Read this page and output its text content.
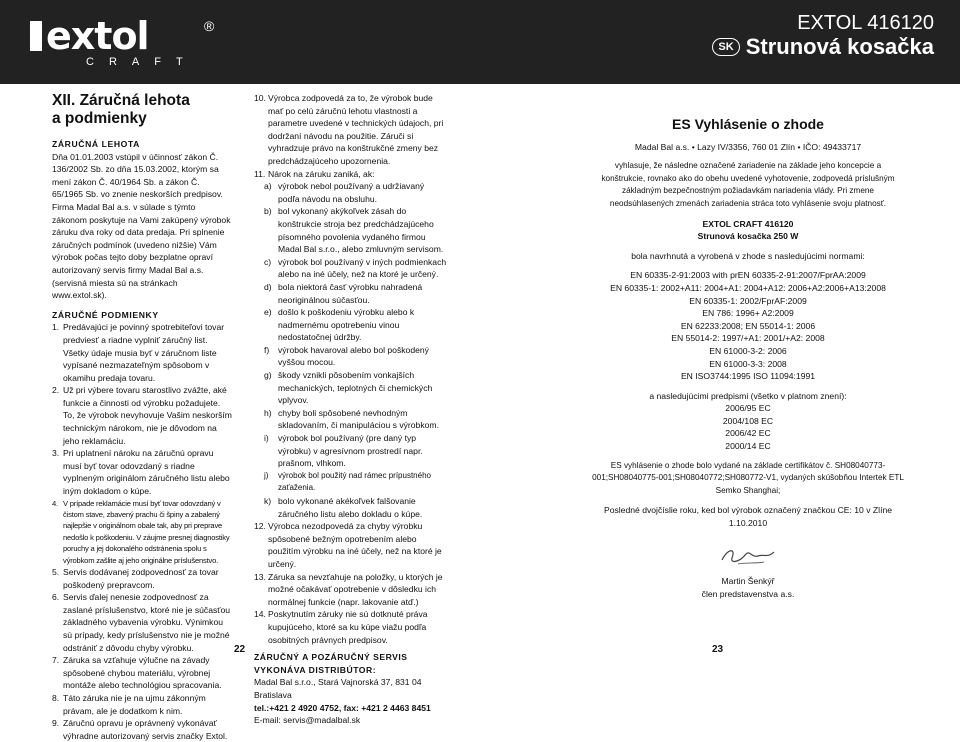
extol	®
CRAFT
EXTOL 416120
SK Strunová kosačka
XII. Záručná lehota
a podmienky

ZÁRUČNÁ LEHOTA

Dňa 01.01.2003 vstúpil v účinnosť zákon Č. 136/2002 Sb. zo dňa 15.03.2002, ktorým sa mení zákon Č. 40/1964 Sb. a zákon Č. 65/1965 Sb. vo znenie neskorších predpisov. Firma Madal Bal a.s. v súlade s týmto zákonom poskytuje na Vami zakúpený výrobok záruku dva roky od data predaja. Pri splnenie záručných podmínok (uvedeno nižšie) Vám výrobok počas tejto doby bezplatne opraví autorizovaný servis firmy Madal Bal a.s.(servisná miesta sú na stránkach www.extol.sk).

ZÁRUČNÉ PODMIENKY

1. Predávajúci je povinný spotrebiteľovi tovar predviesť a riadne vyplniť záručný list. Všetky údaje musia byť v záručnom liste vypísané nezmazateľným spôsobom v okamihu predaja tovaru.
2. Už pri výbere tovaru starostlivo zvážte, aké funkcie a činnosti od výrobku požadujete. To, že výrobok nevyhovuje Vašim neskorším technickým nárokom, nie je dôvodom na jeho reklamáciu.
3. Pri uplatnení nároku na záručnú opravu musí byť tovar odovzdaný s riadne vyplneným originálom záručného listu alebo iným dokladom o kúpe.
4. V prípade reklamácie musí byť tovar odovzdaný v čistom stave, zbavený prachu či špiny a zabalený najlepšie v originálnom obale tak, aby pri preprave nedošlo k poškodeniu. V záujme presnej diagnostiky poruchy a jej dokonalého odstránenia spolu s výrobkom zašlite aj jeho originálne príslušenstvo.
5. Servis dodávanej zodpovednosť za tovar poškodený prepravcom.
6. Servis ďalej nenesie zodpovednosť za zaslané príslušenstvo, ktoré nie je súčasťou základného vybavenia výrobku. Výnimkou sú prípady, kedy príslušenstvo nie je možné odstrániť z dôvodu chyby výrobku.
7. Záruka sa vzťahuje výlučne na závady spôsobené chybou materiálu, výrobnej montáže alebo technológiou spracovania.
8. Táto záruka nie je na ujmu zákonným právam, ale je dodatkom k nim.
9. Záručnú opravu je oprávnený vykonávať výhradne autorizovaný servis značky Extol.
22
10. Výrobca zodpovedá za to, že výrobok bude mať po celú záručnú lehotu vlastnosti a parametre uvedené v technických údajoch, pri dodržaní návodu na použitie. Záruči si vyhradzuje právo na konštrukčné zmeny bez predchádzajúceho upozornenia.
11. Nárok na záruku zaniká, ak:
a) výrobok nebol používaný a udržiavaný podľa návodu na obsluhu.
b) bol vykonaný akýkoľvek zásah do konštrukcie stroja bez predchádzajúceho písomného povolenia vydaného firmou Madal Bal s.r.o., alebo zmluvným servisom.
c) výrobok bol používaný v iných podmienkach alebo na iné účely, než na ktoré je určený.
d) bola niektorá časť výrobku nahradená neoriginálnou súčasťou.
e) došlo k poškodeniu výrobku alebo k nadmernému opotrebeniu vinou nedostatočnej údržby.
f)	výrobok havaroval alebo bol poškodený vyššou mocou.
g) škody vznikli pôsobením vonkajších mechanických, teplotných či chemických vplyvov.
h) chyby boli spôsobené nevhodným skladovaním, či manipuláciou s výrobkom.
i)	výrobok bol používaný (pre daný typ výrobku) v agresívnom prostredí napr. prašnom, vlhkom.
j)	výrobok bol použitý nad rámec prípustného zaťaženia.
k) bolo vykonané akékoľvek falšovanie záručného listu alebo dokladu o kúpe.
12. Výrobca nezodpovedá za chyby výrobku spôsobené bežným opotrebením alebo použitím výrobku na iné účely, než na ktoré je určený.
13. Záruka sa nevzťahuje na položky, u ktorých je možné očakávať opotrebenie v dôsledku ich normálnej funkcie (napr. lakovanie atď.)
14. Poskytnutím záruky nie sú dotknuté práva kupujúceho, ktoré sa ku kúpe viažu podľa osobitných právnych predpisov.

ZÁRUČNÝ A POZÁRUČNÝ SERVIS

VYKONÁVA DISTRIBÚTOR:

Madal Bal s.r.o., Stará Vajnorská 37, 831 04 Bratislava

tel.:+421 2 4920 4752, fax: +421 2 4463 8451

E-mail: servis@madalbal.sk

ES Vyhlásenie o zhode

Madal Bal a.s. • Lazy IV/3356, 760 01 Zlín • IČO: 49433717

vyhlasuje, že následne označené zariadenie na základe jeho koncepcie a konštrukcie, rovnako ako do obehu uvedené vyhotovenie, zodpovedá príslušným základným bezpečnostným požiadavkám nariadenia vlády. Pri zmene neodsúhlasených zmenách zariadenia stráca toto vyhlásenie svoju platnosť.

EXTOL CRAFT 416120

Strunová kosačka 250 W

bola navrhnutá a vyrobená v zhode s nasledujúcimi normami:

EN 60335-2-91:2003 with prEN 60335-2-91:2007/FprAA:2009

EN 60335-1: 2002+A11: 2004+A1: 2004+A12: 2006+A2:2006+A13:2008

EN 60335-1: 2002/FprAF:2009

EN 786: 1996+ A2:2009

EN 62233:2008; EN 55014-1: 2006

EN 55014-2: 1997/+A1: 2001/+A2: 2008

EN 61000-3-2: 2006

EN 61000-3-3: 2008

EN ISO3744:1995 ISO 11094:1991

a nasledujúcimi predpismi (všetko v platnom znení):

2006/95 EC

2004/108 EC

2006/42 EC

2000/14 EC

ES vyhlásenie o zhode bolo vydané na základe certifikátov č. SH08040773-001;SH08040775-001;SH08040772;SH080772-V1, vydaných skúšobňou Intertek ETL Semko Shanghai;

Posledné dvojčíslie roku, ked bol výrobok označený značkou CE: 10 v Zlíne 1.10.2010

Martin Šenkýř

člen predstavenstva a.s.

23
